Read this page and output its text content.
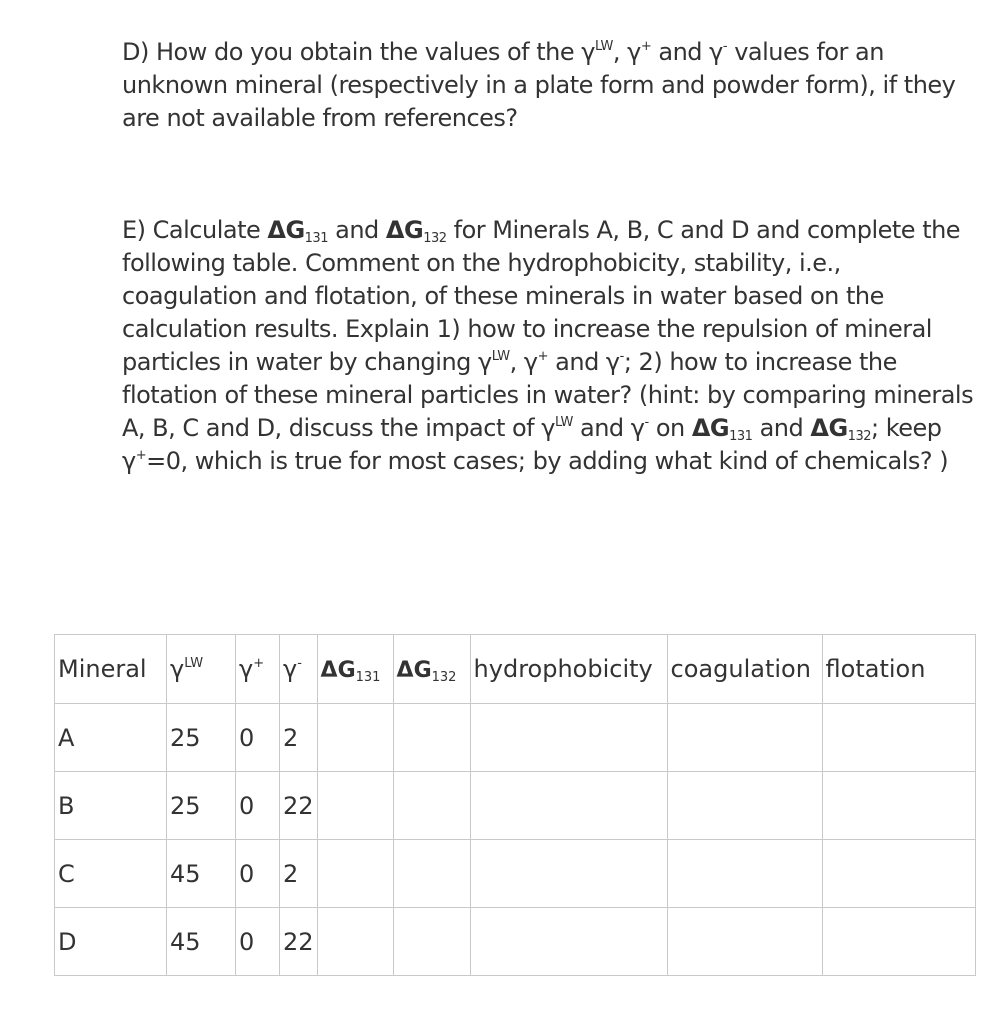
D) How do you obtain the values of the $\gamma^{LW}$, γ+ and γ- values for an unknown mineral (respectively in a plate form and powder form), if they are not available from references?

E) Calculate $\Delta G_{131}$ and $\Delta G_{132}$ for Minerals A, B, C and D and complete the following table. Comment on the hydrophobicity, stability, i.e., coagulation and flotation, of these minerals in water based on the calculation results. Explain 1) how to increase the repulsion of mineral particles in water by changing $\gamma^{LW}$, γ+ and γ-; 2) how to increase the flotation of these mineral particles in water? (hint: by comparing minerals A, B, C and D, discuss the impact of $\gamma^{LW}$ and γ- on $\Delta G_{131}$ and $\Delta G_{132}$; keep γ+=0, which is true for most cases; by adding what kind of chemicals? )

Mineral	$\gamma^{LW}$	γ+	γ-	$\Delta G_{131}$	$\Delta G_{132}$	hydrophobicity	coagulation	flotation
A	25	0	2					
B	25	0	22					
C	45	0	2					
D	45	0	22					
